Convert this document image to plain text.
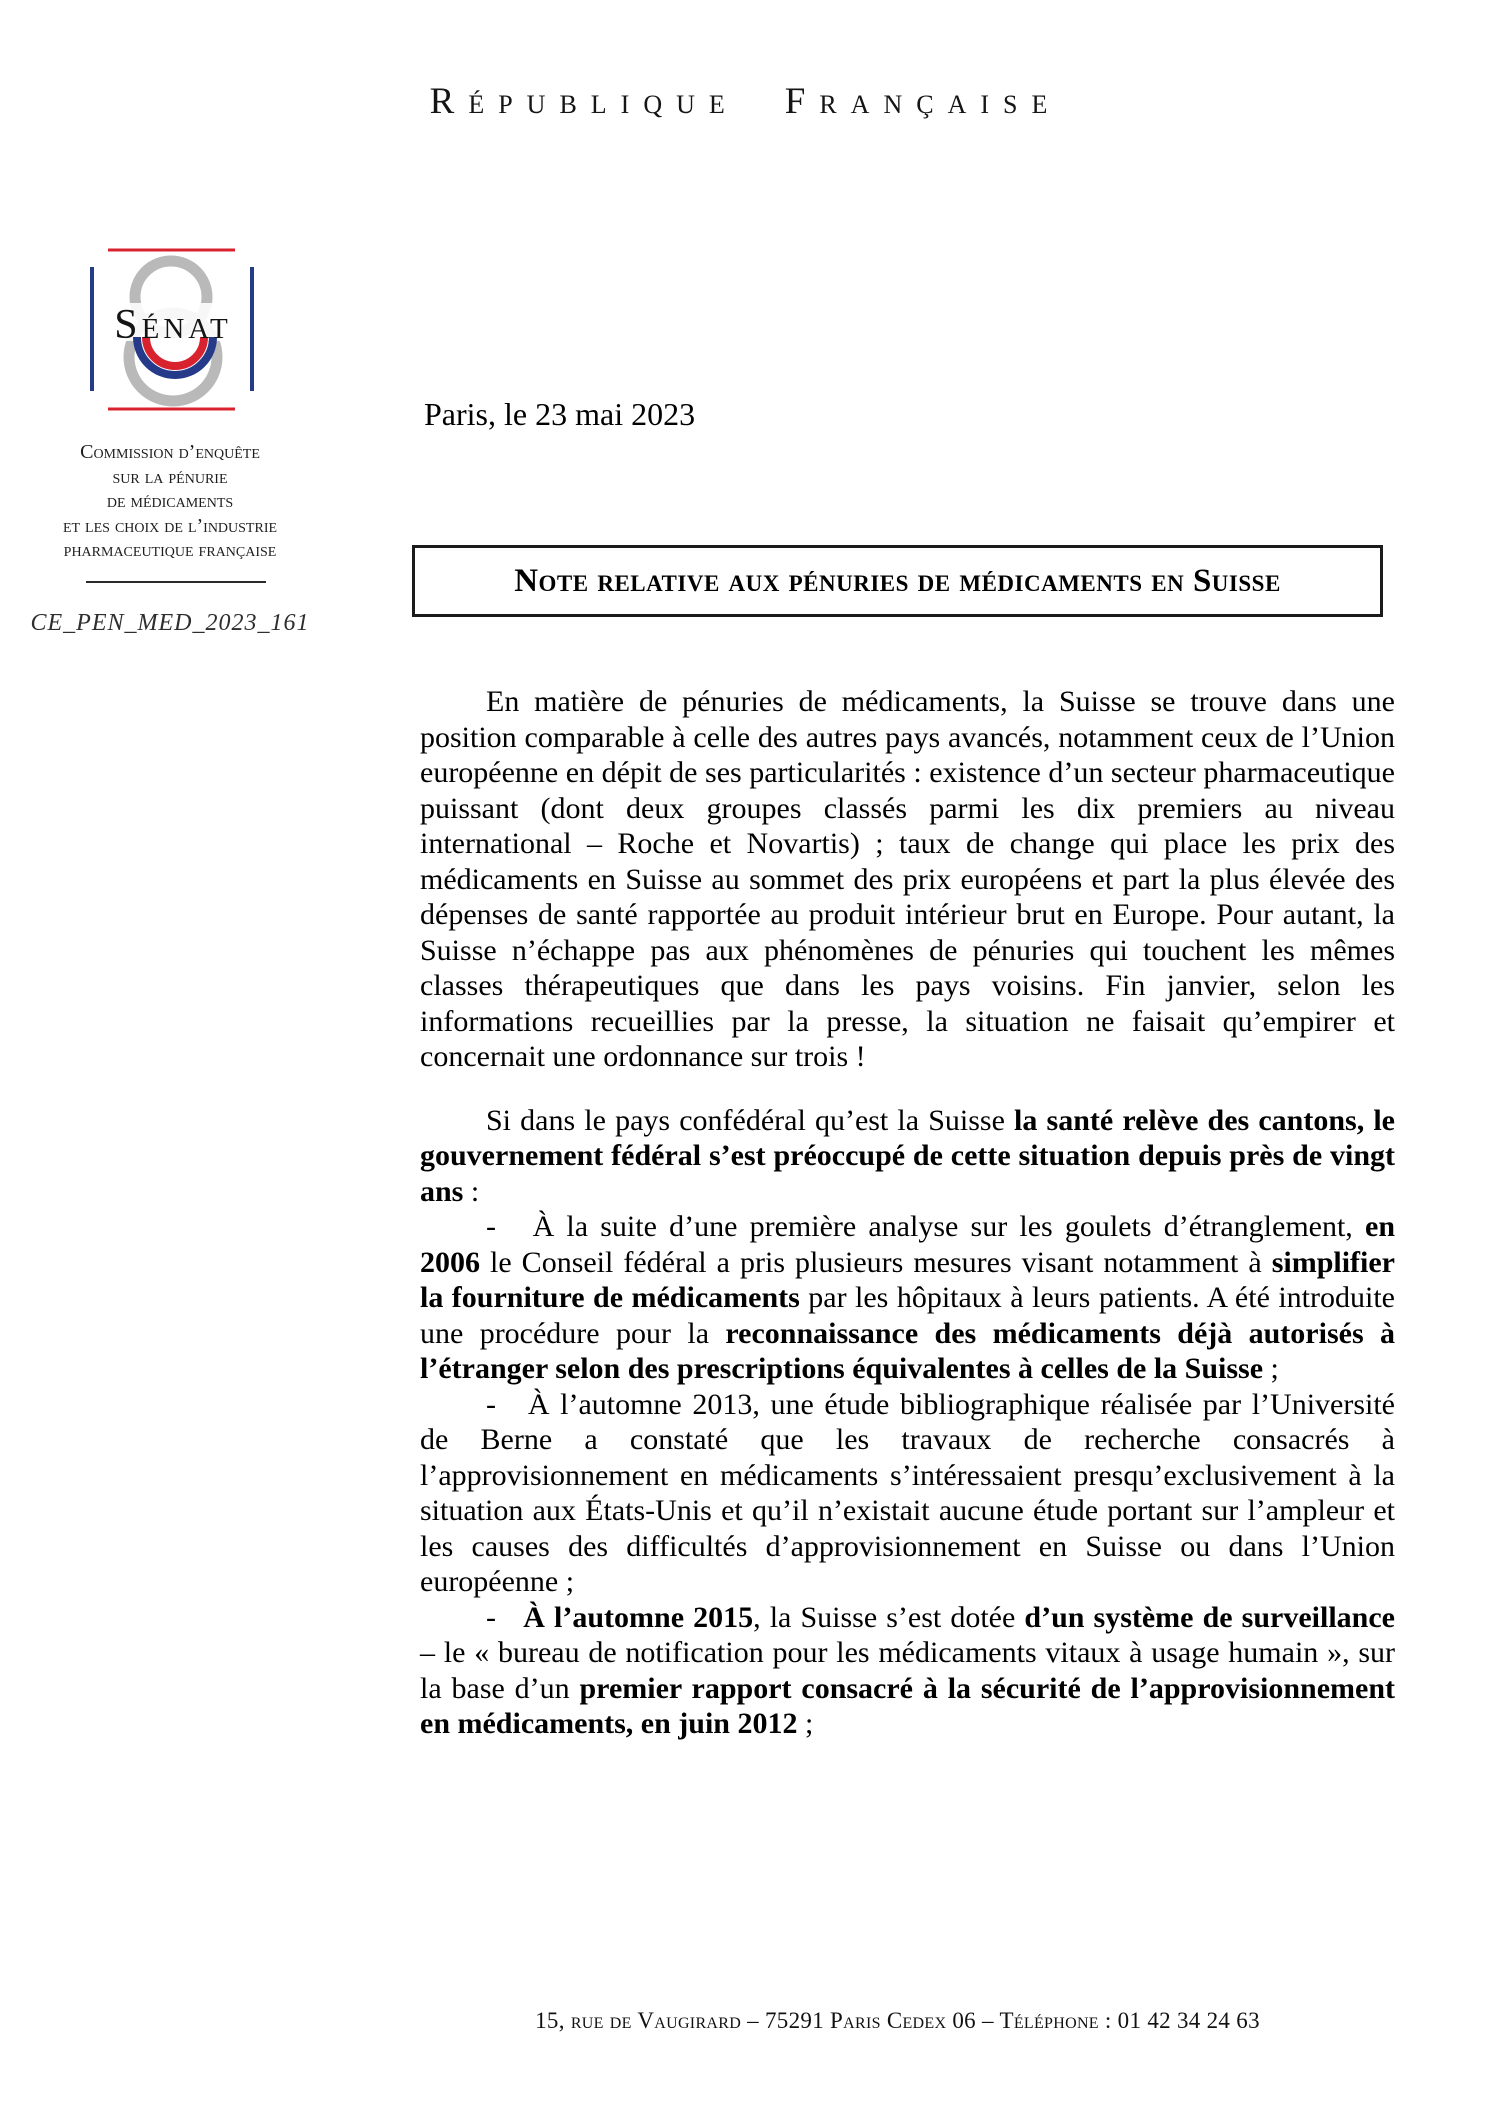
République Française
Sénat
Commission d’enquête
sur la pénurie
de médicaments
et les choix de l’industrie
pharmaceutique française
CE_PEN_MED_2023_161
Paris, le 23 mai 2023
Note relative aux pénuries de médicaments en Suisse

En matière de pénuries de médicaments, la Suisse se trouve dans une position comparable à celle des autres pays avancés, notamment ceux de l’Union européenne en dépit de ses particularités : existence d’un secteur pharmaceutique puissant (dont deux groupes classés parmi les dix premiers au niveau international – Roche et Novartis) ; taux de change qui place les prix des médicaments en Suisse au sommet des prix européens et part la plus élevée des dépenses de santé rapportée au produit intérieur brut en Europe. Pour autant, la Suisse n’échappe pas aux phénomènes de pénuries qui touchent les mêmes classes thérapeutiques que dans les pays voisins. Fin janvier, selon les informations recueillies par la presse, la situation ne faisait qu’empirer et concernait une ordonnance sur trois !

Si dans le pays confédéral qu’est la Suisse la santé relève des cantons, le gouvernement fédéral s’est préoccupé de cette situation depuis près de vingt ans :

-   À la suite d’une première analyse sur les goulets d’étranglement, en 2006 le Conseil fédéral a pris plusieurs mesures visant notamment à simplifier la fourniture de médicaments par les hôpitaux à leurs patients. A été introduite une procédure pour la reconnaissance des médicaments déjà autorisés à l’étranger selon des prescriptions équivalentes à celles de la Suisse ;

-   À l’automne 2013, une étude bibliographique réalisée par l’Université de Berne a constaté que les travaux de recherche consacrés à l’approvisionnement en médicaments s’intéressaient presqu’exclusivement à la situation aux États-Unis et qu’il n’existait aucune étude portant sur l’ampleur et les causes des difficultés d’approvisionnement en Suisse ou dans l’Union européenne ;

-   À l’automne 2015, la Suisse s’est dotée d’un système de surveillance – le « bureau de notification pour les médicaments vitaux à usage humain », sur la base d’un premier rapport consacré à la sécurité de l’approvisionnement en médicaments, en juin 2012 ;

15, rue de Vaugirard – 75291 Paris Cedex 06 – Téléphone : 01 42 34 24 63
